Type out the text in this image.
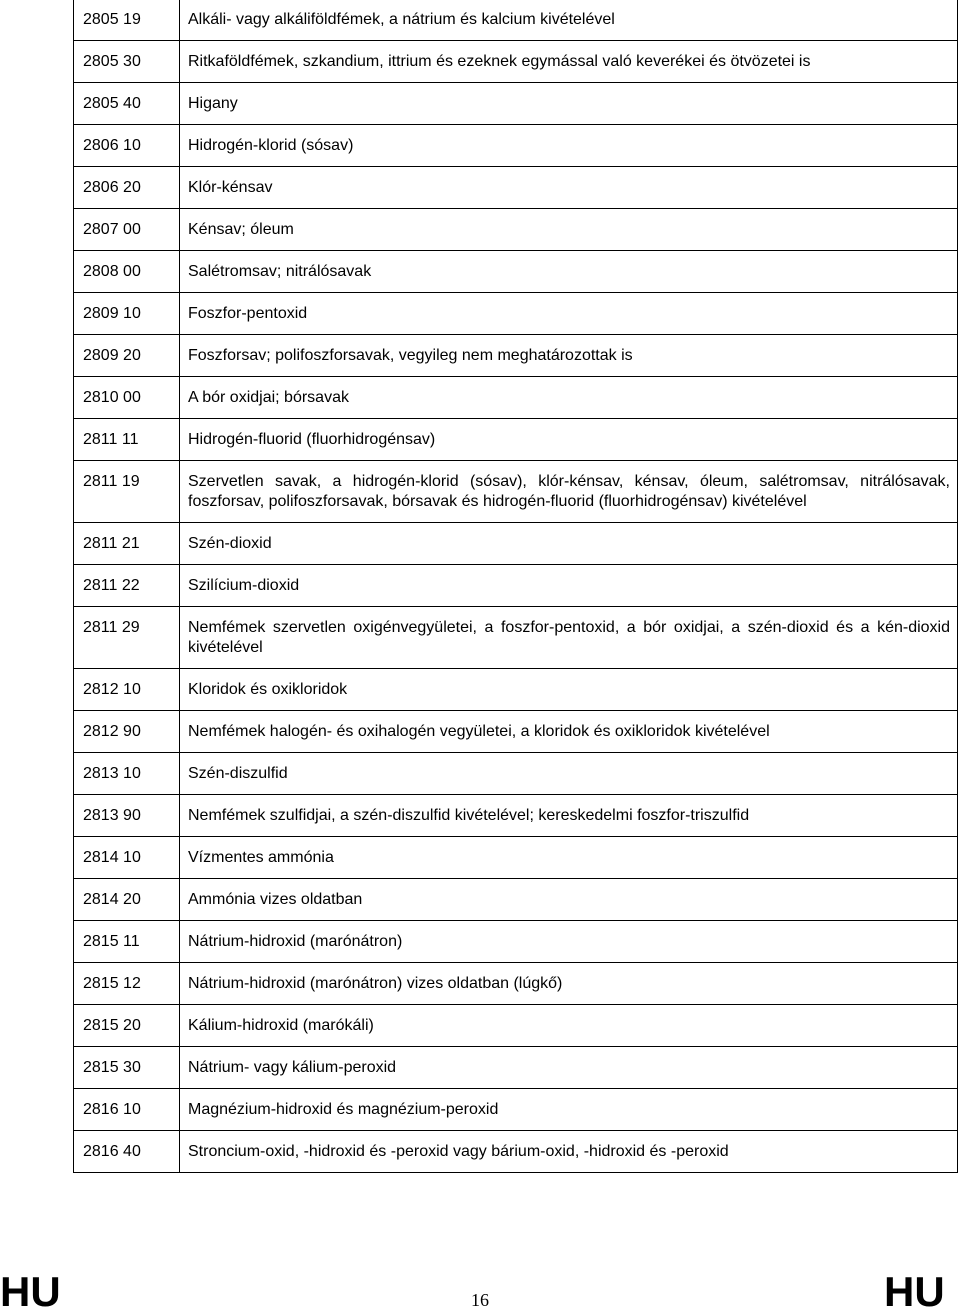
2805 19	Alkáli- vagy alkáliföldfémek, a nátrium és kalcium kivételével
2805 30	Ritkaföldfémek, szkandium, ittrium és ezeknek egymással való keverékei és ötvözetei is
2805 40	Higany
2806 10	Hidrogén-klorid (sósav)
2806 20	Klór-kénsav
2807 00	Kénsav; óleum
2808 00	Salétromsav; nitrálósavak
2809 10	Foszfor-pentoxid
2809 20	Foszforsav; polifoszforsavak, vegyileg nem meghatározottak is
2810 00	A bór oxidjai; bórsavak
2811 11	Hidrogén-fluorid (fluorhidrogénsav)
2811 19	Szervetlen savak, a hidrogén-klorid (sósav), klór-kénsav, kénsav, óleum, salétromsav, nitrálósavak, foszforsav, polifoszforsavak, bórsavak és hidrogén-fluorid (fluorhidrogénsav) kivételével
2811 21	Szén-dioxid
2811 22	Szilícium-dioxid
2811 29	Nemfémek szervetlen oxigénvegyületei, a foszfor-pentoxid, a bór oxidjai, a szén-dioxid és a kén-dioxid kivételével
2812 10	Kloridok és oxikloridok
2812 90	Nemfémek halogén- és oxihalogén vegyületei, a kloridok és oxikloridok kivételével
2813 10	Szén-diszulfid
2813 90	Nemfémek szulfidjai, a szén-diszulfid kivételével; kereskedelmi foszfor-triszulfid
2814 10	Vízmentes ammónia
2814 20	Ammónia vizes oldatban
2815 11	Nátrium-hidroxid (marónátron)
2815 12	Nátrium-hidroxid (marónátron) vizes oldatban (lúgkő)
2815 20	Kálium-hidroxid (marókáli)
2815 30	Nátrium- vagy kálium-peroxid
2816 10	Magnézium-hidroxid és magnézium-peroxid
2816 40	Stroncium-oxid, -hidroxid és -peroxid vagy bárium-oxid, -hidroxid és -peroxid
HU	16	HU
